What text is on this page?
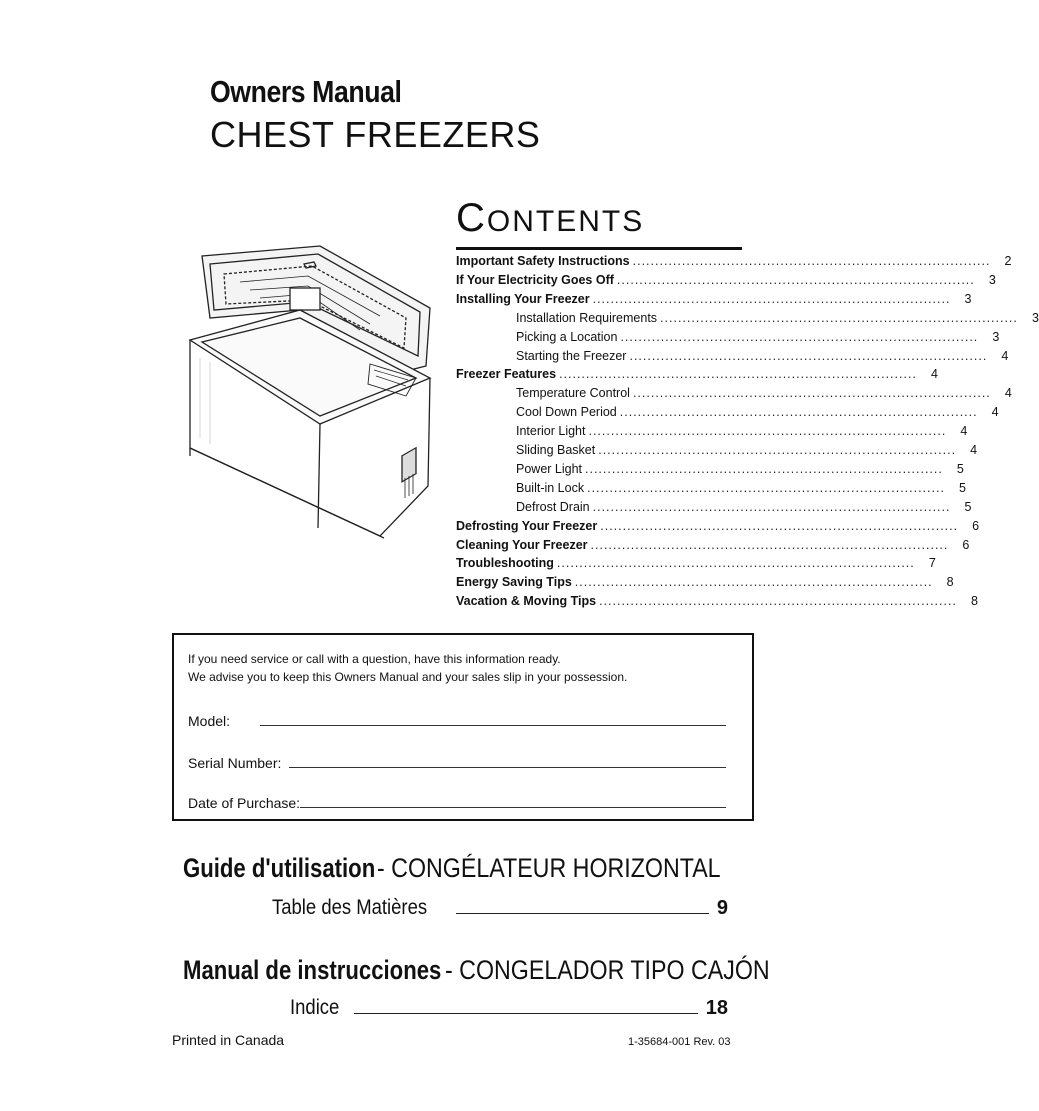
Owners Manual
CHEST FREEZERS
CONTENTS
Important Safety Instructions ................................................................................	2
If Your Electricity Goes Off ................................................................................	3
Installing Your Freezer ................................................................................	3
Installation Requirements ................................................................................	3
Picking a Location ................................................................................	3
Starting the Freezer ................................................................................	4
Freezer Features ................................................................................	4
Temperature Control ................................................................................	4
Cool Down Period ................................................................................	4
Interior Light ................................................................................	4
Sliding Basket ................................................................................	4
Power Light ................................................................................	5
Built-in Lock ................................................................................	5
Defrost Drain ................................................................................	5
Defrosting Your Freezer ................................................................................	6
Cleaning Your Freezer ................................................................................	6
Troubleshooting ................................................................................	7
Energy Saving Tips ................................................................................	8
Vacation & Moving Tips ................................................................................	8
If you need service or call with a question, have this information ready.
We advise you to keep this Owners Manual and your sales slip in your possession.
Model:
Serial Number:
Date of Purchase:
Guide d'utilisation - CONGÉLATEUR HORIZONTAL
Table des Matières	9
Manual de instrucciones - CONGELADOR TIPO CAJÓN
Indice	18
Printed in Canada	1-35684-001 Rev. 03
